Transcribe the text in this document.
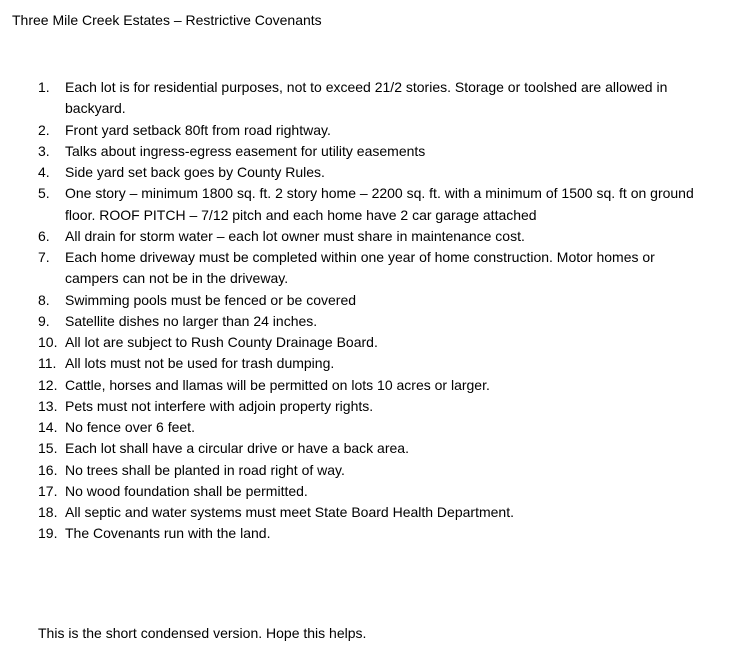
Three Mile Creek Estates – Restrictive Covenants
1.	Each lot is for residential purposes, not to exceed 21/2 stories. Storage or toolshed are allowed in backyard.
2.	Front yard setback 80ft from road rightway.
3.	Talks about ingress-egress easement for utility easements
4.	Side yard set back goes by County Rules.
5.	One story – minimum 1800 sq. ft. 2 story home – 2200 sq. ft. with a minimum of 1500 sq. ft on ground floor. ROOF PITCH – 7/12 pitch and each home have 2 car garage attached
6.	All drain for storm water – each lot owner must share in maintenance cost.
7.	Each home driveway must be completed within one year of home construction. Motor homes or campers can not be in the driveway.
8.	Swimming pools must be fenced or be covered
9.	Satellite dishes no larger than 24 inches.
10. All lot are subject to Rush County Drainage Board.
11. All lots must not be used for trash dumping.
12. Cattle, horses and llamas will be permitted on lots 10 acres or larger.
13. Pets must not interfere with adjoin property rights.
14. No fence over 6 feet.
15. Each lot shall have a circular drive or have a back area.
16. No trees shall be planted in road right of way.
17. No wood foundation shall be permitted.
18. All septic and water systems must meet State Board Health Department.
19. The Covenants run with the land.
This is the short condensed version. Hope this helps.
